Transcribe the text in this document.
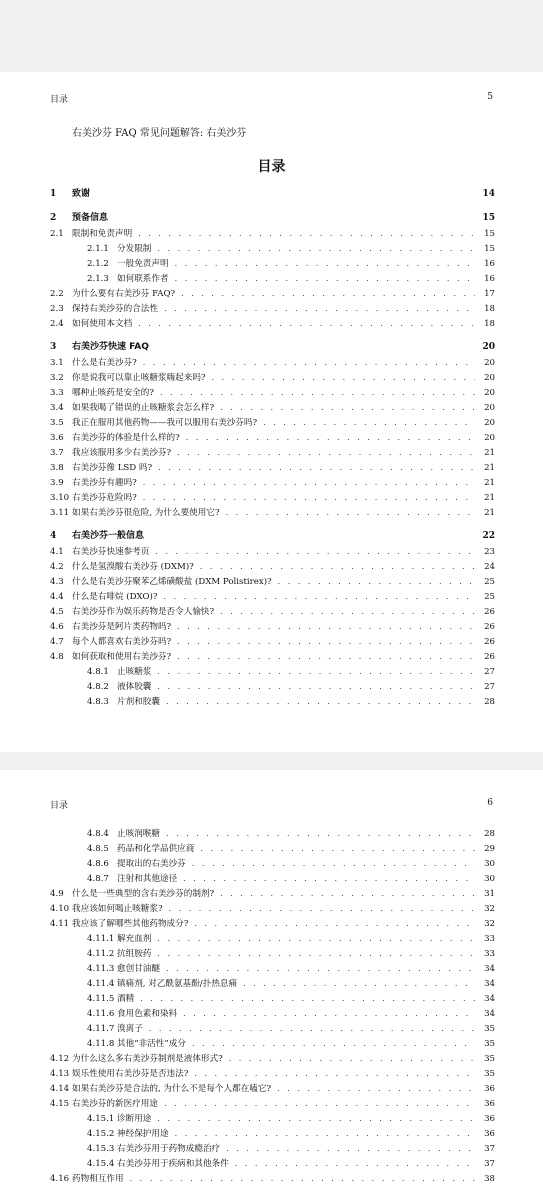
目录	5
右美沙芬 FAQ 常见问题解答: 右美沙芬
目录
1	致谢	14
2	预备信息	15
2.1 限制和免责声明 . . .	15
2.1.1 分发限制 . . .	15
2.1.2 一般免责声明 . . .	16
2.1.3 如何联系作者 . . .	16
2.2 为什么要有右美沙芬 FAQ? . . .	17
2.3 保持右美沙芬的合法性 . . .	18
2.4 如何使用本文档 . . .	18
3	右美沙芬快速 FAQ	20
3.1 什么是右美沙芬? . . .	20
3.2 你是说我可以靠止咳糖浆嗨起来吗? . . .	20
3.3 哪种止咳药是安全的? . . .	20
3.4 如果我喝了错误的止咳糖浆会怎么样? . . .	20
3.5 我正在服用其他药物——我可以服用右美沙芬吗? . . .	20
3.6 右美沙芬的体验是什么样的? . . .	20
3.7 我应该服用多少右美沙芬? . . .	21
3.8 右美沙芬像 LSD 吗? . . .	21
3.9 右美沙芬有趣吗? . . .	21
3.10 右美沙芬危险吗? . . .	21
3.11 如果右美沙芬很危险, 为什么要使用它? . . .	21
4	右美沙芬一般信息	22
4.1 右美沙芬快速参考页 . . .	23
4.2 什么是氢溴酸右美沙芬 (DXM)? . . .	24
4.3 什么是右美沙芬聚苯乙烯磺酸盐 (DXM Polistirex)? . . .	25
4.4 什么是右啡烷 (DXO)? . . .	25
4.5 右美沙芬作为娱乐药物是否令人愉快? . . .	26
4.6 右美沙芬是阿片类药物吗? . . .	26
4.7 每个人都喜欢右美沙芬吗? . . .	26
4.8 如何获取和使用右美沙芬? . . .	26
4.8.1 止咳糖浆 . . .	27
4.8.2 液体胶囊 . . .	27
4.8.3 片剂和胶囊 . . .	28
目录	6
4.8.4 止咳润喉糖 . . .	28
4.8.5 药品和化学品供应商 . . .	29
4.8.6 提取出的右美沙芬 . . .	30
4.8.7 注射和其他途径 . . .	30
4.9 什么是一些典型的含右美沙芬的制剂? . . .	31
4.10 我应该如何喝止咳糖浆? . . .	32
4.11 我应该了解哪些其他药物成分? . . .	32
4.11.1 解充血剂 . . .	33
4.11.2 抗组胺药 . . .	33
4.11.3 愈创甘油醚 . . .	34
4.11.4 镇痛剂, 对乙酰氨基酚/扑热息痛 . . .	34
4.11.5 酒精 . . .	34
4.11.6 食用色素和染料 . . .	34
4.11.7 溴离子 . . .	35
4.11.8 其他“非活性”成分 . . .	35
4.12 为什么这么多右美沙芬制剂是液体形式? . . .	35
4.13 娱乐性使用右美沙芬是否违法? . . .	35
4.14 如果右美沙芬是合法的, 为什么不是每个人都在嗑它? . . .	36
4.15 右美沙芬的新医疗用途 . . .	36
4.15.1 诊断用途 . . .	36
4.15.2 神经保护用途 . . .	36
4.15.3 右美沙芬用于药物成瘾治疗 . . .	37
4.15.4 右美沙芬用于疾病和其他条件 . . .	37
4.16 药物相互作用 . . .	38
